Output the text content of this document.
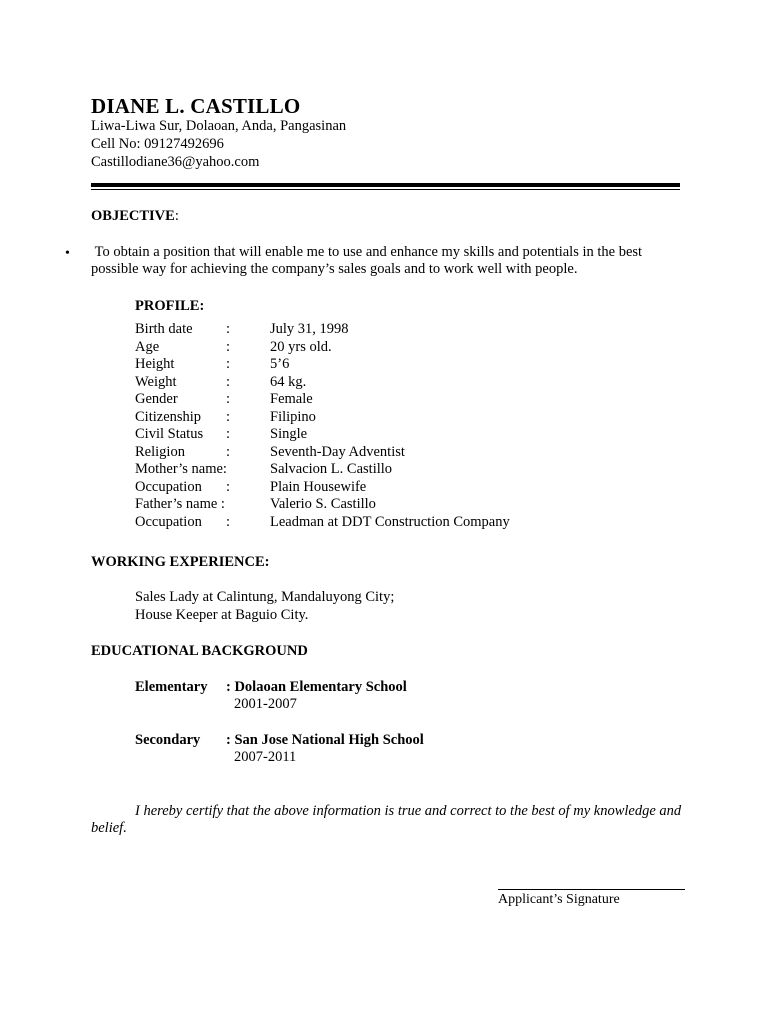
DIANE L. CASTILLO
Liwa-Liwa Sur, Dolaoan, Anda, Pangasinan
Cell No: 09127492696
Castillodiane36@yahoo.com
OBJECTIVE:
• To obtain a position that will enable me to use and enhance my skills and potentials in the best possible way for achieving the company’s sales goals and to work well with people.
PROFILE:
Birth date :	July 31, 1998
Age	:	20 yrs old.
Height	:	5’6
Weight	:	64 kg.
Gender	:	Female
Citizenship :	Filipino
Civil Status :	Single
Religion	:	Seventh-Day Adventist
Mother’s name:	Salvacion L. Castillo
Occupation :	Plain Housewife
Father’s name :	Valerio S. Castillo
Occupation :	Leadman at DDT Construction Company
WORKING EXPERIENCE:
Sales Lady at Calintung, Mandaluyong City;
House Keeper at Baguio City.
EDUCATIONAL BACKGROUND
Elementary : Dolaoan Elementary School
2001-2007
Secondary : San Jose National High School
2007-2011
I hereby certify that the above information is true and correct to the best of my knowledge and belief.
Applicant’s Signature
